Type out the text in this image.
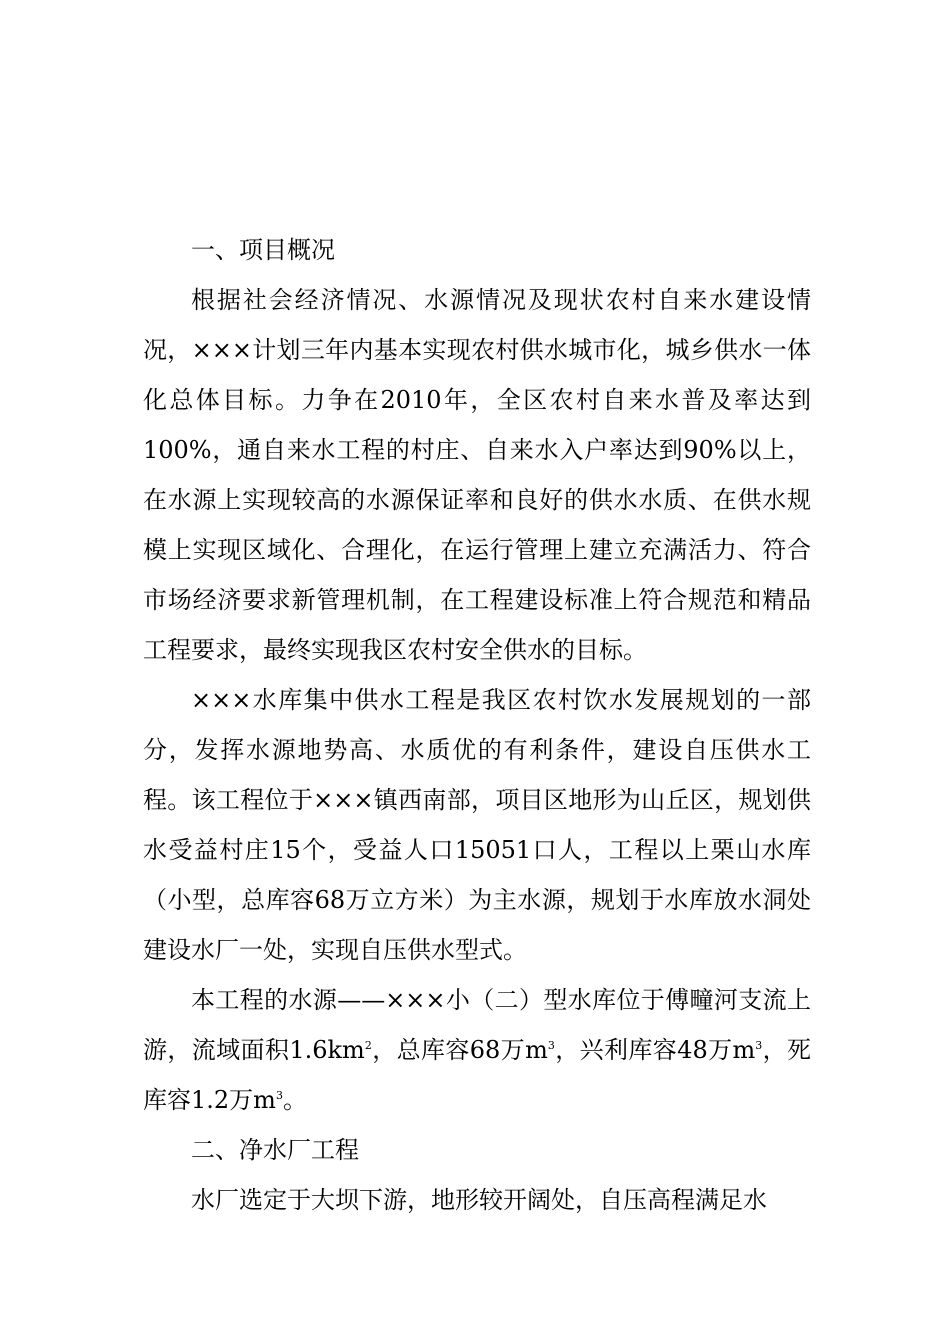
一、项目概况

根据社会经济情况、水源情况及现状农村自来水建设情况，×××计划三年内基本实现农村供水城市化，城乡供水一体化总体目标。力争在2010年，全区农村自来水普及率达到100%，通自来水工程的村庄、自来水入户率达到90%以上，在水源上实现较高的水源保证率和良好的供水水质、在供水规模上实现区域化、合理化，在运行管理上建立充满活力、符合市场经济要求新管理机制，在工程建设标准上符合规范和精品工程要求，最终实现我区农村安全供水的目标。

×××水库集中供水工程是我区农村饮水发展规划的一部分，发挥水源地势高、水质优的有利条件，建设自压供水工程。该工程位于×××镇西南部，项目区地形为山丘区，规划供水受益村庄15个，受益人口15051口人，工程以上栗山水库（小型，总库容68万立方米）为主水源，规划于水库放水洞处建设水厂一处，实现自压供水型式。

本工程的水源——×××小（二）型水库位于傅疃河支流上游，流域面积$1.6km^2$，总库容68万$m^3$，兴利库容48万$m^3$，死库容1.2万$m^3$。

二、净水厂工程

水厂选定于大坝下游，地形较开阔处，自压高程满足水
